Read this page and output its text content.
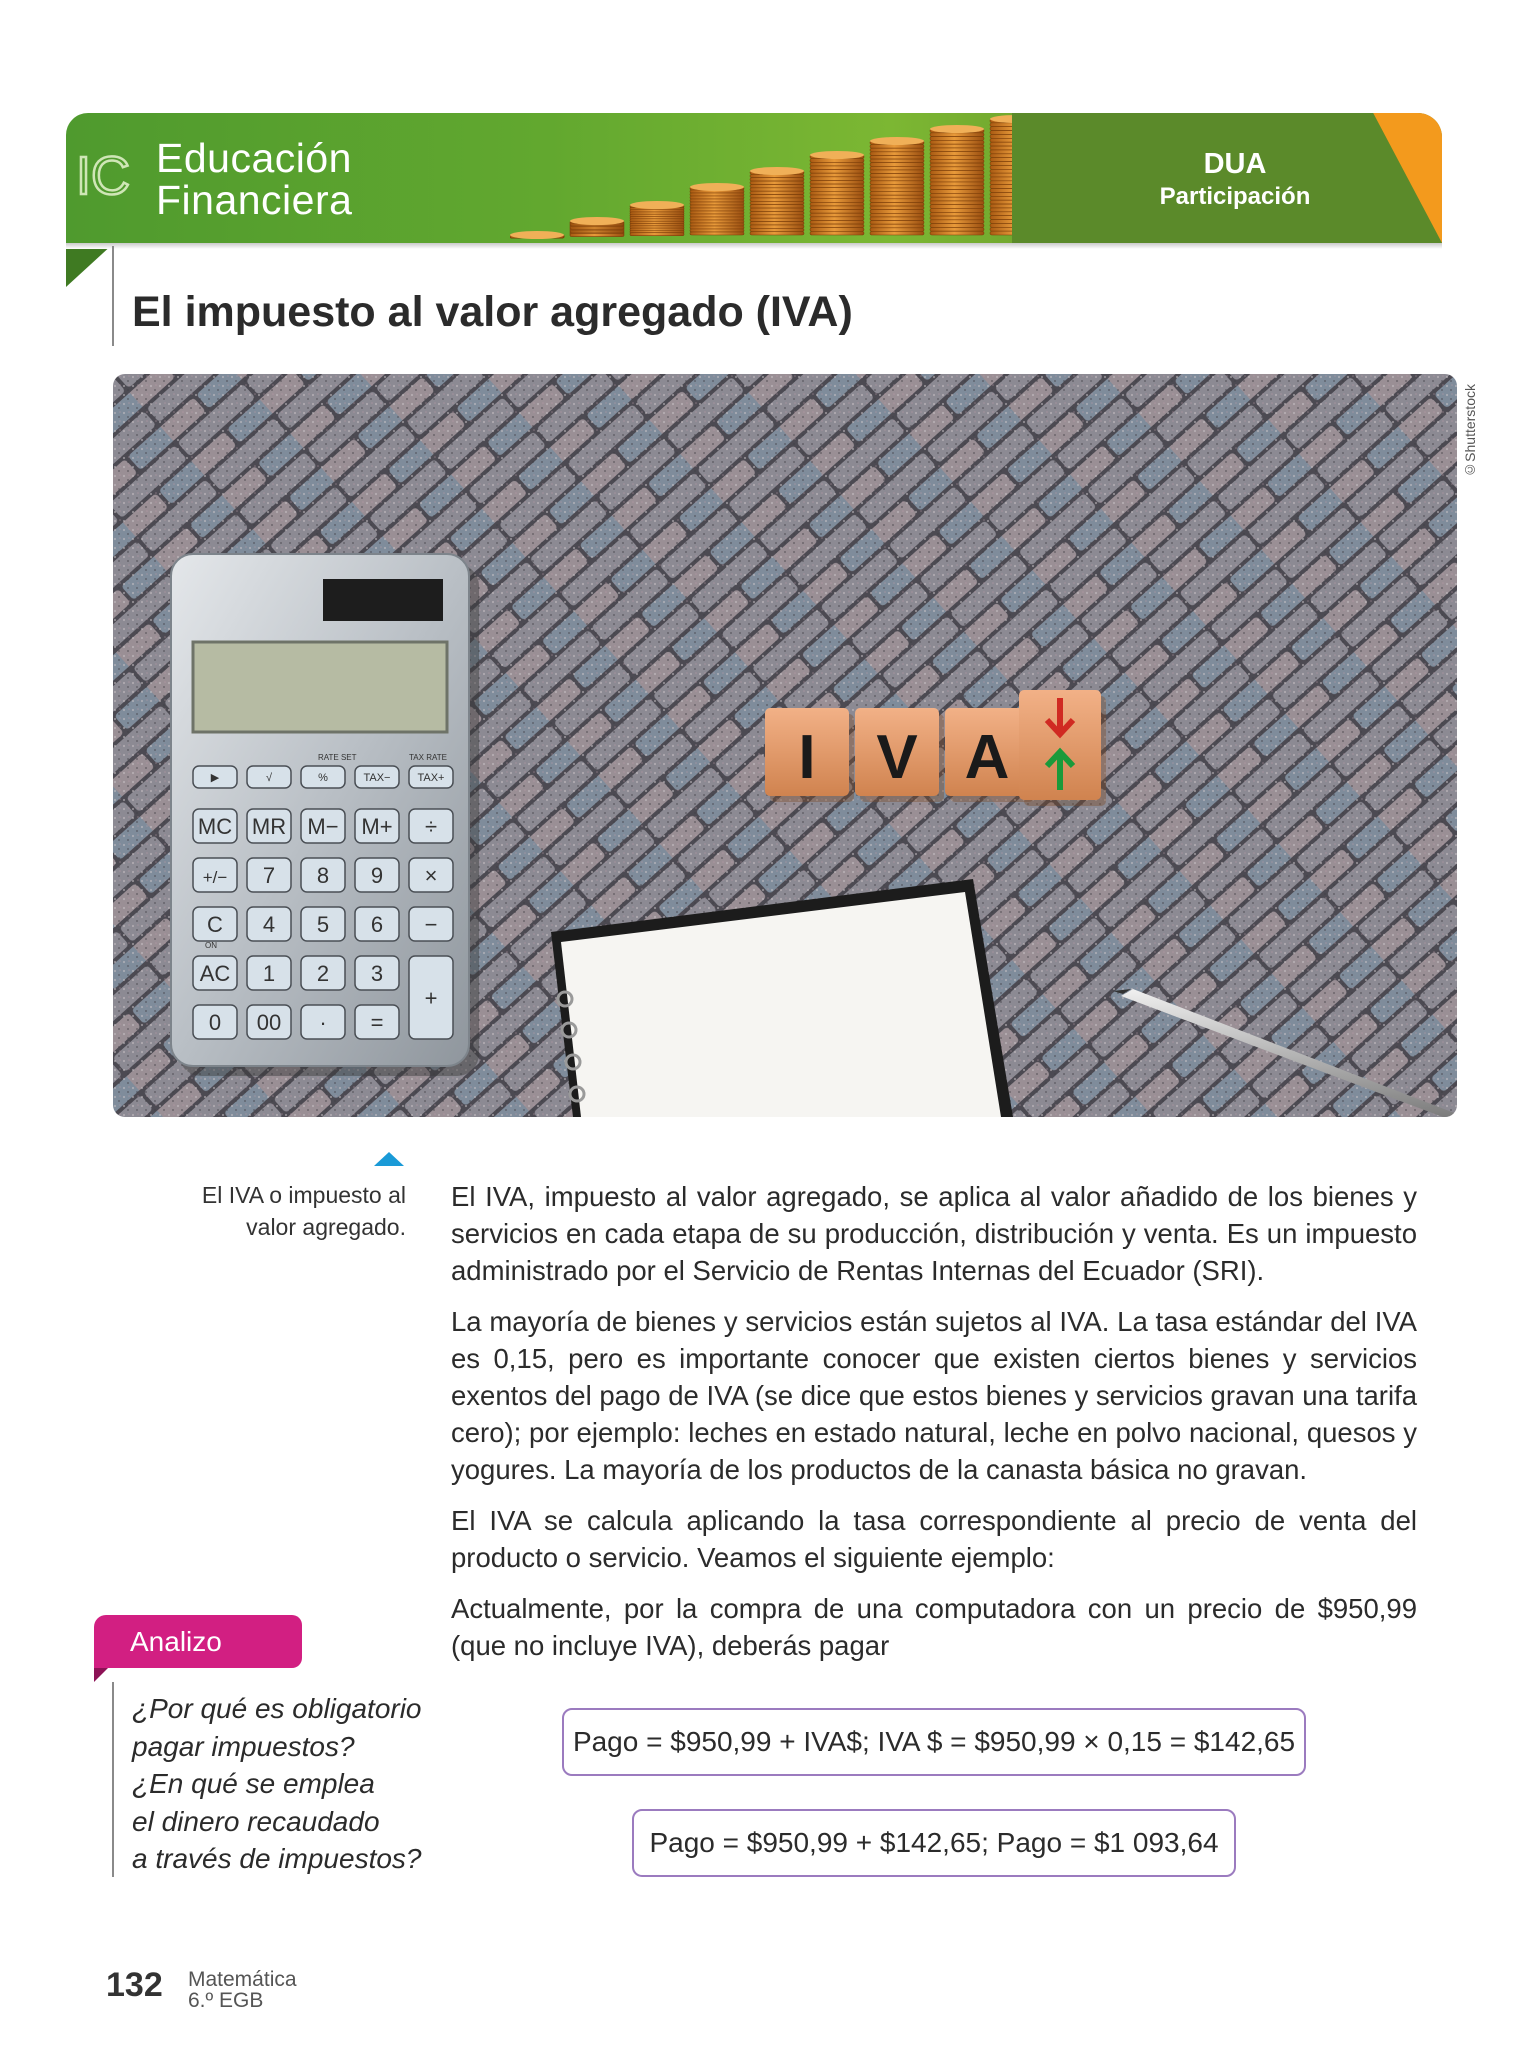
DUA
Participación
IC Educación
Financiera
El impuesto al valor agregado (IVA)
RATE SET	TAX RATE
ON
▶	√	%	TAX− TAX+
MC MR M− M+ ÷
+/− 7 8 9 ×
C 4 5 6 −
AC 1 2 3
+
0 00 · =
I V A
©Shutterstock
El IVA o impuesto al valor agregado.

El IVA, impuesto al valor agregado, se aplica al valor añadido de los bienes y servicios en cada etapa de su producción, distribución y venta. Es un impuesto administrado por el Servicio de Rentas Internas del Ecuador (SRI).

La mayoría de bienes y servicios están sujetos al IVA. La tasa estándar del IVA es 0,15, pero es importante conocer que existen ciertos bienes y servicios exentos del pago de IVA (se dice que estos bienes y servicios gravan una tarifa cero); por ejemplo: leches en estado natural, leche en polvo nacional, quesos y yogures. La mayoría de los productos de la canasta básica no gravan.

El IVA se calcula aplicando la tasa correspondiente al precio de venta del producto o servicio. Veamos el siguiente ejemplo:

Actualmente, por la compra de una computadora con un precio de $950,99 (que no incluye IVA), deberás pagar

Pago = $950,99 + IVA$; IVA $ = $950,99 × 0,15 = $142,65
Pago = $950,99 + $142,65; Pago = $1 093,64
Analizo
¿Por qué es obligatorio
pagar impuestos?
¿En qué se emplea
el dinero recaudado
a través de impuestos?
132 Matemática
6.º EGB
